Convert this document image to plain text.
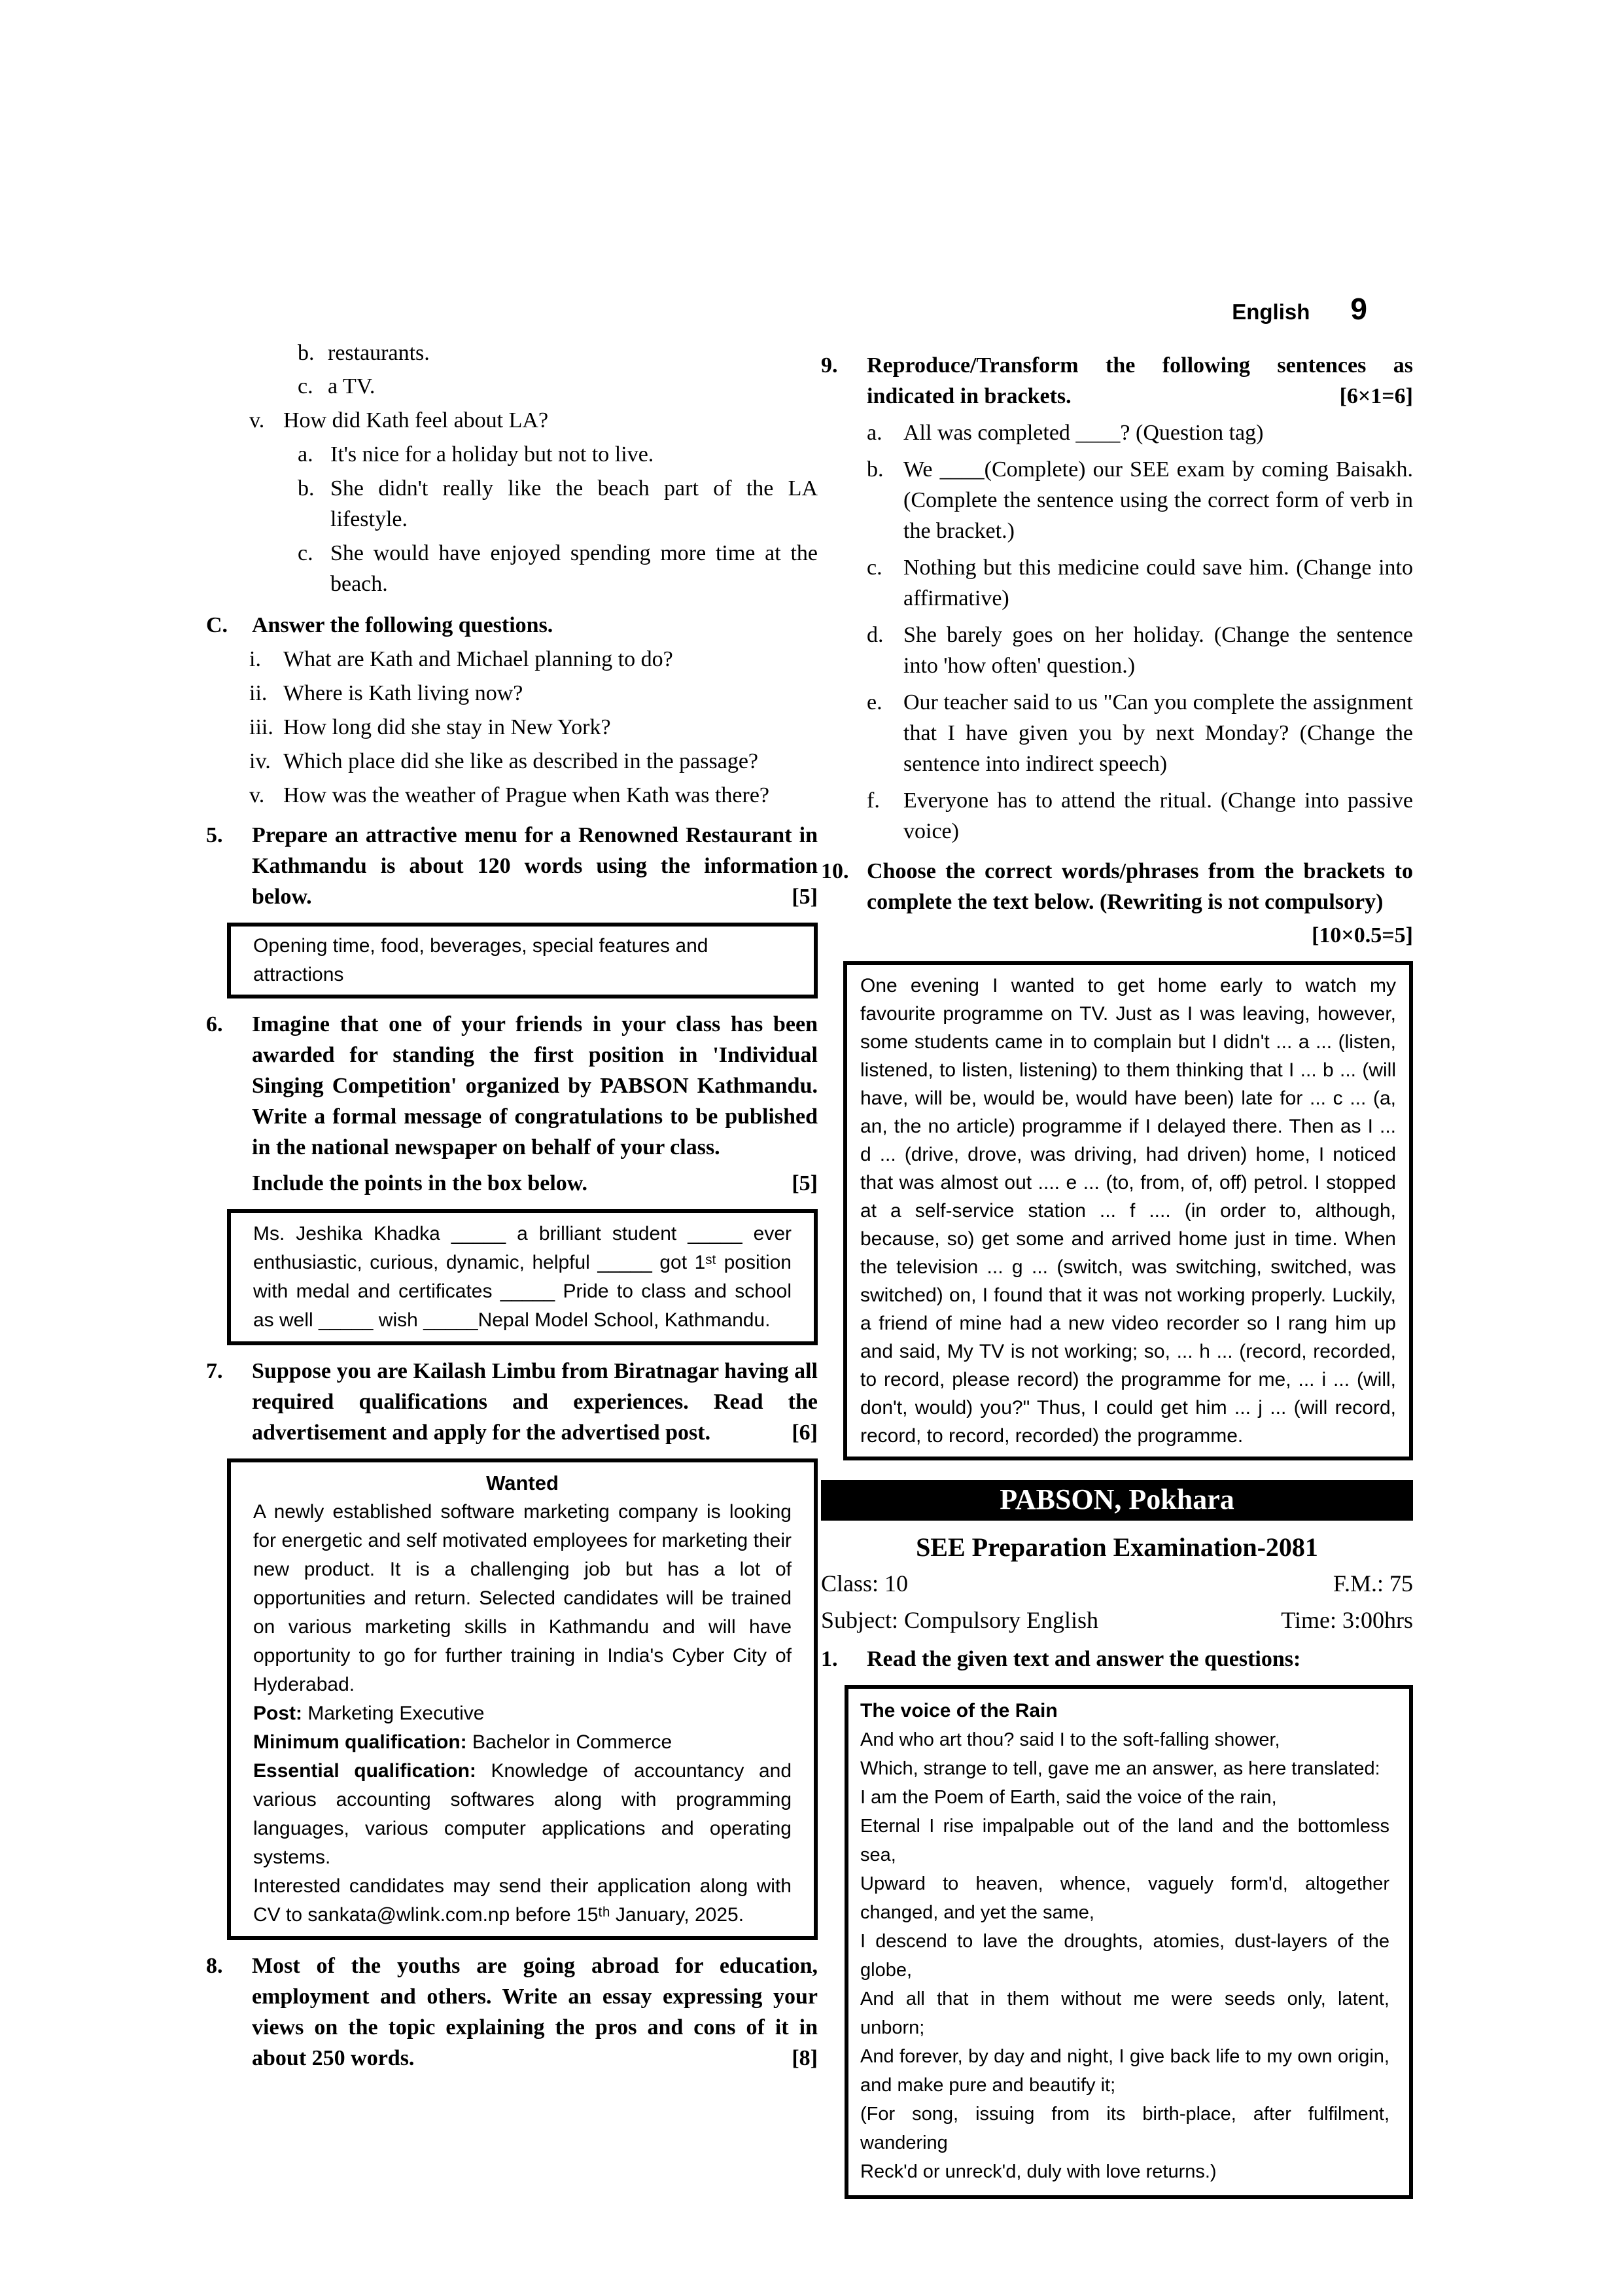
b. restaurants.
c. a TV.
v. How did Kath feel about LA?
a. It's nice for a holiday but not to live.
b. She didn't really like the beach part of the LA lifestyle.
c. She would have enjoyed spending more time at the beach.
C.	Answer the following questions.
i.	What are Kath and Michael planning to do?
ii. Where is Kath living now?
iii. How long did she stay in New York?
iv. Which place did she like as described in the passage?
v. How was the weather of Prague when Kath was there?
5.	Prepare an attractive menu for a Renowned Restaurant in Kathmandu is about 120 words using the information below.	[5]

Opening time, food, beverages, special features and attractions

6.	Imagine that one of your friends in your class has been awarded for standing the first position in 'Individual Singing Competition' organized by PABSON Kathmandu. Write a formal message of congratulations to be published in the national newspaper on behalf of your class.
Include the points in the box below.	[5]

Ms. Jeshika Khadka _____ a brilliant student _____ ever enthusiastic, curious, dynamic, helpful _____ got 1ˢᵗ position with medal and certificates _____ Pride to class and school as well _____ wish _____Nepal Model School, Kathmandu.

7.	Suppose you are Kailash Limbu from Biratnagar having all required qualifications and experiences. Read the advertisement and apply for the advertised post.	[6]
Wanted

A newly established software marketing company is looking for energetic and self motivated employees for marketing their new product. It is a challenging job but has a lot of opportunities and return. Selected candidates will be trained on various marketing skills in Kathmandu and will have opportunity to go for further training in India's Cyber City of Hyderabad.

Post: Marketing Executive

Minimum qualification: Bachelor in Commerce

Essential qualification: Knowledge of accountancy and various accounting softwares along with programming languages, various computer applications and operating systems.

Interested candidates may send their application along with CV to sankata@wlink.com.np before 15ᵗʰ January, 2025.

8.	Most of the youths are going abroad for education, employment and others. Write an essay expressing your views on the topic explaining the pros and cons of it in about 250 words.	[8]
English 9
9.	Reproduce/Transform the following sentences as indicated in brackets.	[6×1=6]
a. All was completed ____? (Question tag)
b. We ____(Complete) our SEE exam by coming Baisakh. (Complete the sentence using the correct form of verb in the bracket.)
c. Nothing but this medicine could save him. (Change into affirmative)
d. She barely goes on her holiday. (Change the sentence into 'how often' question.)
e. Our teacher said to us "Can you complete the assignment that I have given you by next Monday? (Change the sentence into indirect speech)
f.	Everyone has to attend the ritual. (Change into passive voice)
10. Choose the correct words/phrases from the brackets to complete the text below. (Rewriting is not compulsory)
[10×0.5=5]

One evening I wanted to get home early to watch my favourite programme on TV. Just as I was leaving, however, some students came in to complain but I didn't ... a ... (listen, listened, to listen, listening) to them thinking that I ... b ... (will have, will be, would be, would have been) late for ... c ... (a, an, the no article) programme if I delayed there. Then as I ... d ... (drive, drove, was driving, had driven) home, I noticed that was almost out .... e ... (to, from, of, off) petrol. I stopped at a self-service station ... f .... (in order to, although, because, so) get some and arrived home just in time. When the television ... g ... (switch, was switching, switched, was switched) on, I found that it was not working properly. Luckily, a friend of mine had a new video recorder so I rang him up and said, My TV is not working; so, ... h ... (record, recorded, to record, please record) the programme for me, ... i ... (will, don't, would) you?" Thus, I could get him ... j ... (will record, record, to record, recorded) the programme.

PABSON, Pokhara
SEE Preparation Examination-2081
Class: 10	F.M.: 75
Subject: Compulsory English	Time: 3:00hrs
1.	Read the given text and answer the questions:
The voice of the Rain

And who art thou? said I to the soft-falling shower,

Which, strange to tell, gave me an answer, as here translated:

I am the Poem of Earth, said the voice of the rain,

Eternal I rise impalpable out of the land and the bottomless sea,

Upward to heaven, whence, vaguely form'd, altogether changed, and yet the same,

I descend to lave the droughts, atomies, dust-layers of the globe,

And all that in them without me were seeds only, latent, unborn;

And forever, by day and night, I give back life to my own origin, and make pure and beautify it;

(For song, issuing from its birth-place, after fulfilment, wandering

Reck'd or unreck'd, duly with love returns.)
